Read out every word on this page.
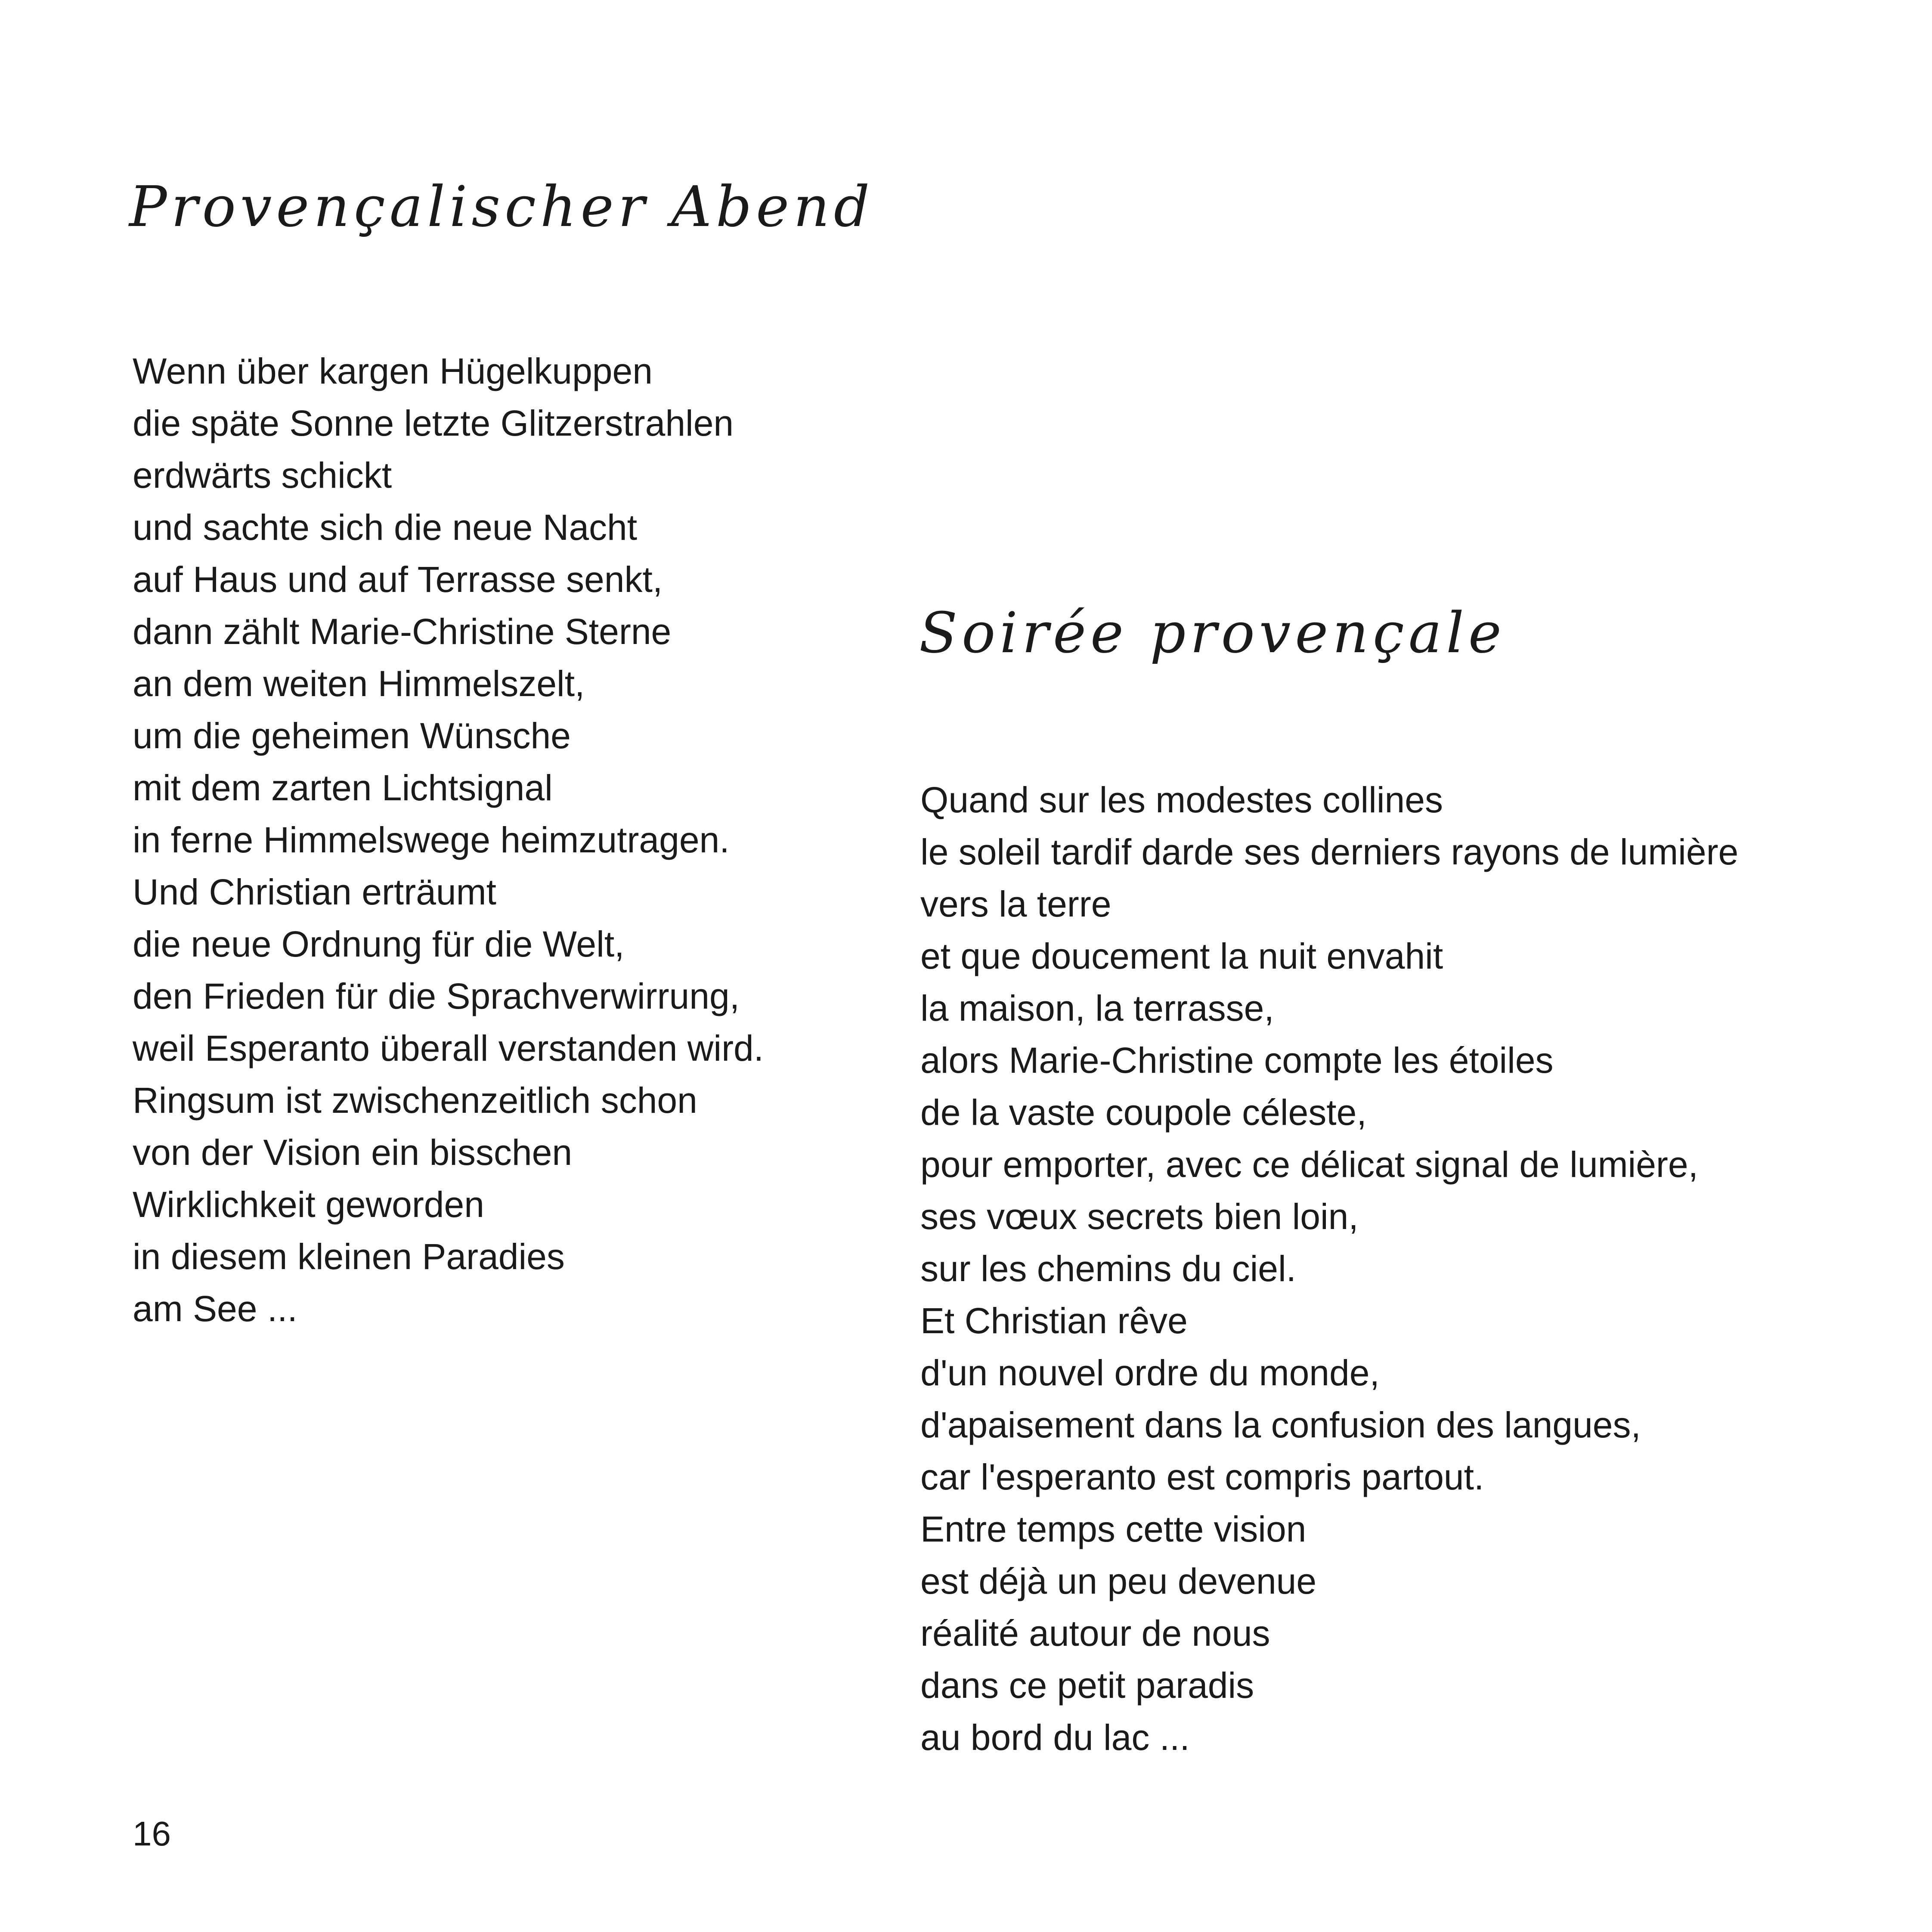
Provençalischer Abend
Wenn über kargen Hügelkuppen
die späte Sonne letzte Glitzerstrahlen
erdwärts schickt
und sachte sich die neue Nacht
auf Haus und auf Terrasse senkt,
dann zählt Marie-Christine Sterne
an dem weiten Himmelszelt,
um die geheimen Wünsche
mit dem zarten Lichtsignal
in ferne Himmelswege heimzutragen.
Und Christian erträumt
die neue Ordnung für die Welt,
den Frieden für die Sprachverwirrung,
weil Esperanto überall verstanden wird.
Ringsum ist zwischenzeitlich schon
von der Vision ein bisschen
Wirklichkeit geworden
in diesem kleinen Paradies
am See ...
Soirée provençale
Quand sur les modestes collines
le soleil tardif darde ses derniers rayons de lumière
vers la terre
et que doucement la nuit envahit
la maison, la terrasse,
alors Marie-Christine compte les étoiles
de la vaste coupole céleste,
pour emporter, avec ce délicat signal de lumière,
ses vœux secrets bien loin,
sur les chemins du ciel.
Et Christian rêve
d'un nouvel ordre du monde,
d'apaisement dans la confusion des langues,
car l'esperanto est compris partout.
Entre temps cette vision
est déjà un peu devenue
réalité autour de nous
dans ce petit paradis
au bord du lac ...
16
